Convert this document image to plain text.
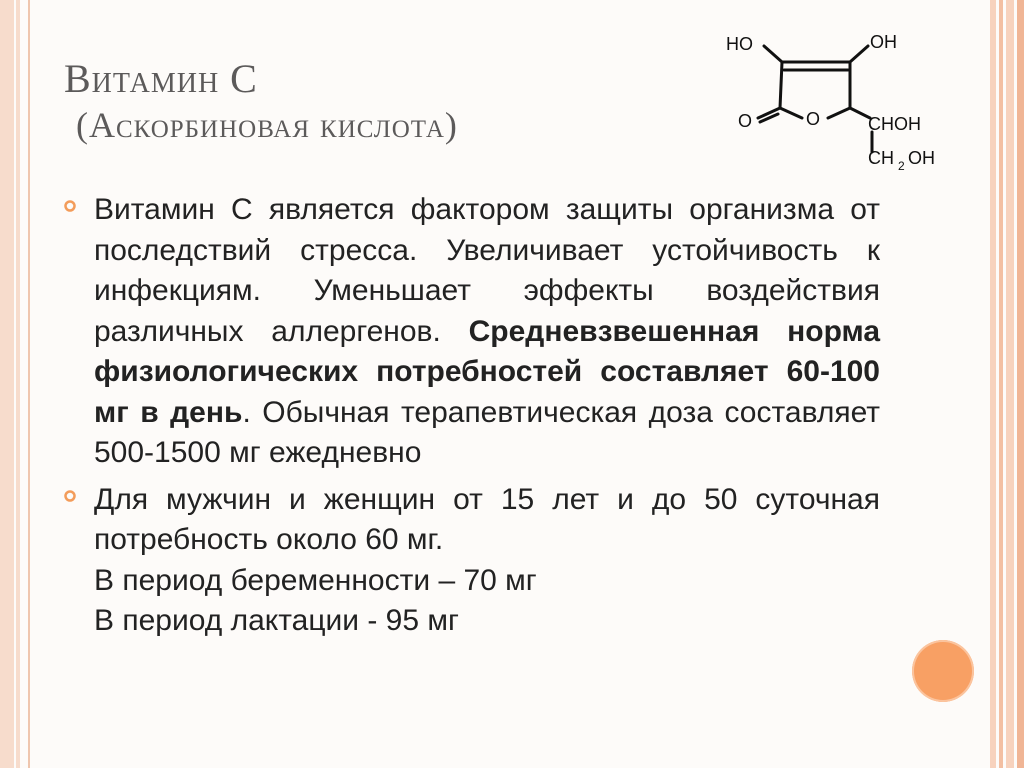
Витамин C
(Аскорбиновая кислота)
HO	OH
O	O	CHOH
CH 2 OH
Витамин С является фактором защиты организма от последствий стресса. Увеличивает устойчивость к инфекциям. Уменьшает эффекты воздействия различных аллергенов. Средневзвешенная норма физиологических потребностей составляет 60-100 мг в день. Обычная терапевтическая доза составляет 500-1500 мг ежедневно
Для мужчин и женщин от 15 лет и до 50 суточная потребность около 60 мг.
В период беременности – 70 мг
В период лактации - 95 мг
